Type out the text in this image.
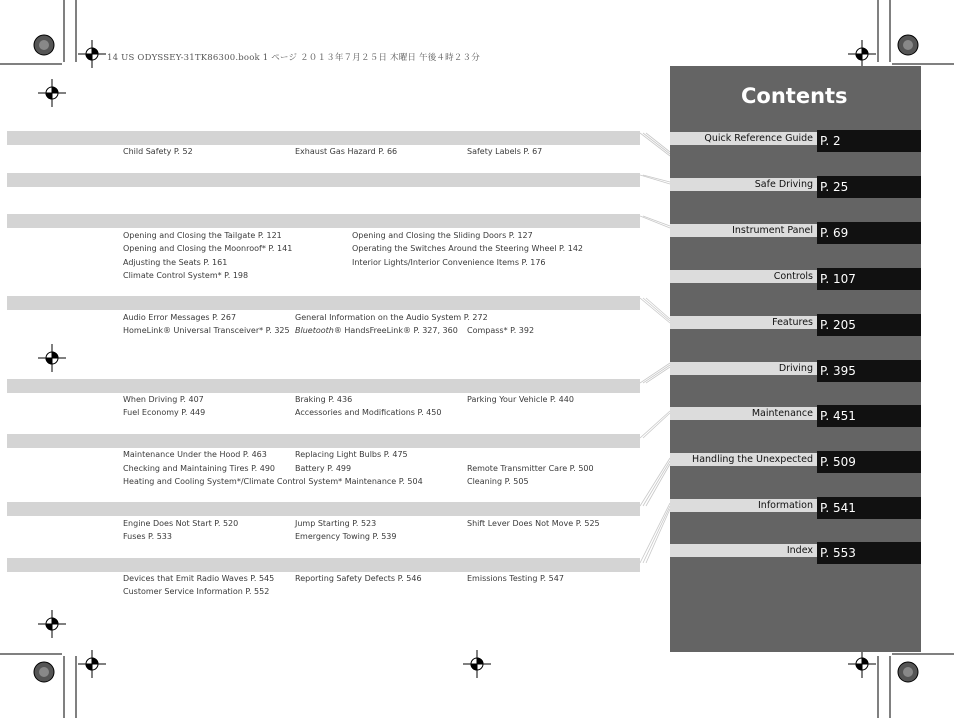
14 US ODYSSEY-31TK86300.book 1 ページ ２０１３年７月２５日 木曜日 午後４時２３分
Child Safety P. 52	Exhaust Gas Hazard P. 66	Safety Labels P. 67
Opening and Closing the Tailgate P. 121	Opening and Closing the Sliding Doors P. 127
Opening and Closing the Moonroof* P. 141	Operating the Switches Around the Steering Wheel P. 142
Adjusting the Seats P. 161	Interior Lights/Interior Convenience Items P. 176
Climate Control System* P. 198
Audio Error Messages P. 267	General Information on the Audio System P. 272
HomeLink® Universal Transceiver* P. 325 Bluetooth® HandsFreeLink® P. 327, 360 Compass* P. 392
When Driving P. 407	Braking P. 436	Parking Your Vehicle P. 440
Fuel Economy P. 449	Accessories and Modifications P. 450
Maintenance Under the Hood P. 463	Replacing Light Bulbs P. 475
Checking and Maintaining Tires P. 490 Battery P. 499	Remote Transmitter Care P. 500
Heating and Cooling System*/Climate Control System* Maintenance P. 504	Cleaning P. 505
Engine Does Not Start P. 520	Jump Starting P. 523	Shift Lever Does Not Move P. 525
Fuses P. 533	Emergency Towing P. 539
Devices that Emit Radio Waves P. 545	Reporting Safety Defects P. 546	Emissions Testing P. 547
Customer Service Information P. 552
Contents
Quick Reference Guide P. 2
Safe Driving P. 25
Instrument Panel P. 69
Controls P. 107
Features P. 205
Driving P. 395
Maintenance P. 451
Handling the Unexpected P. 509
Information P. 541
Index P. 553
